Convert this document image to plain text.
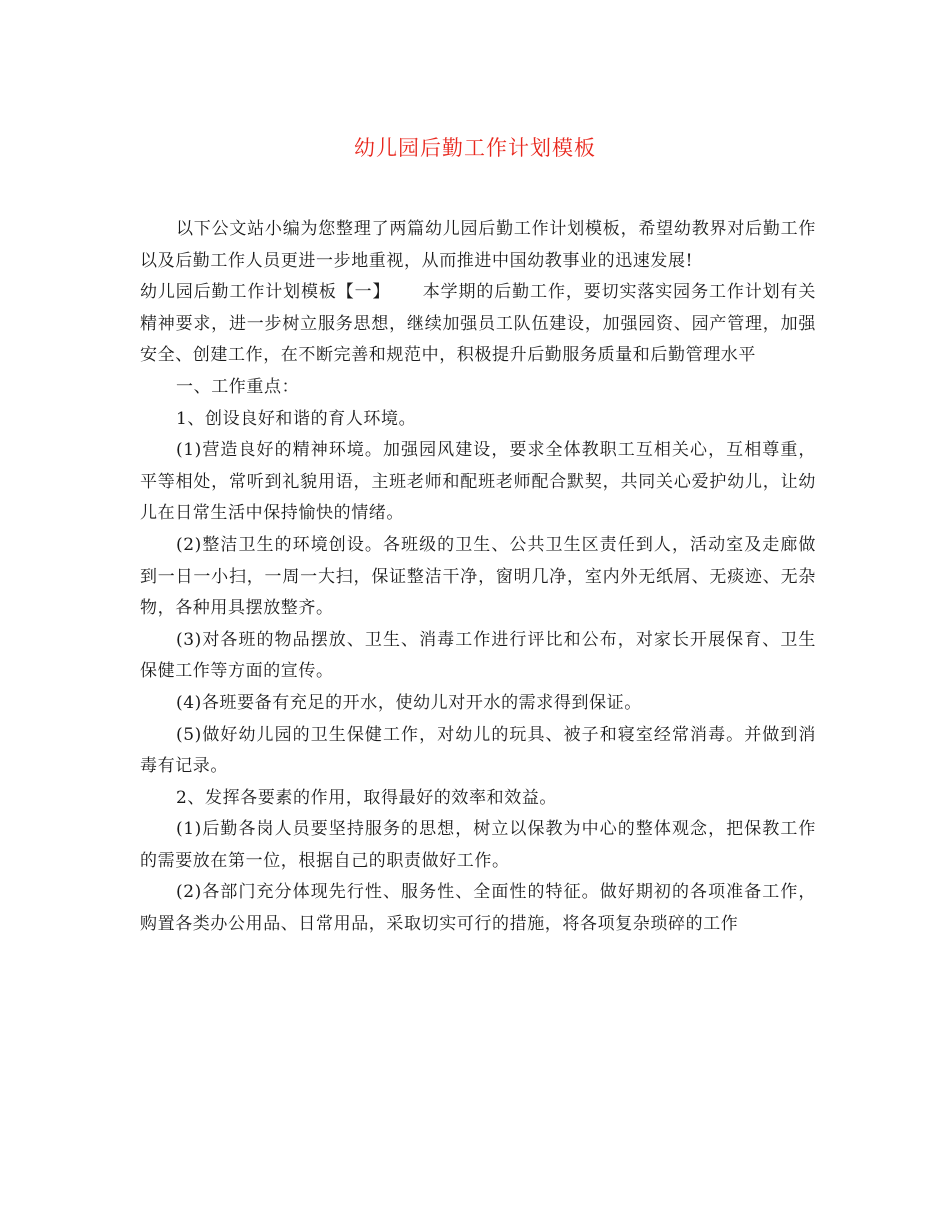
幼儿园后勤工作计划模板

以下公文站小编为您整理了两篇幼儿园后勤工作计划模板，希望幼教界对后勤工作以及后勤工作人员更进一步地重视，从而推进中国幼教事业的迅速发展!

幼儿园后勤工作计划模板【一】 本学期的后勤工作，要切实落实园务工作计划有关精神要求，进一步树立服务思想，继续加强员工队伍建设，加强园资、园产管理，加强安全、创建工作，在不断完善和规范中，积极提升后勤服务质量和后勤管理水平

一、工作重点：

1、创设良好和谐的育人环境。

(1)营造良好的精神环境。加强园风建设，要求全体教职工互相关心，互相尊重，平等相处，常听到礼貌用语，主班老师和配班老师配合默契，共同关心爱护幼儿，让幼儿在日常生活中保持愉快的情绪。

(2)整洁卫生的环境创设。各班级的卫生、公共卫生区责任到人，活动室及走廊做到一日一小扫，一周一大扫，保证整洁干净，窗明几净，室内外无纸屑、无痰迹、无杂物，各种用具摆放整齐。

(3)对各班的物品摆放、卫生、消毒工作进行评比和公布，对家长开展保育、卫生保健工作等方面的宣传。

(4)各班要备有充足的开水，使幼儿对开水的需求得到保证。

(5)做好幼儿园的卫生保健工作，对幼儿的玩具、被子和寝室经常消毒。并做到消毒有记录。

2、发挥各要素的作用，取得最好的效率和效益。

(1)后勤各岗人员要坚持服务的思想，树立以保教为中心的整体观念，把保教工作的需要放在第一位，根据自己的职责做好工作。

(2)各部门充分体现先行性、服务性、全面性的特征。做好期初的各项准备工作，购置各类办公用品、日常用品，采取切实可行的措施，将各项复杂琐碎的工作
